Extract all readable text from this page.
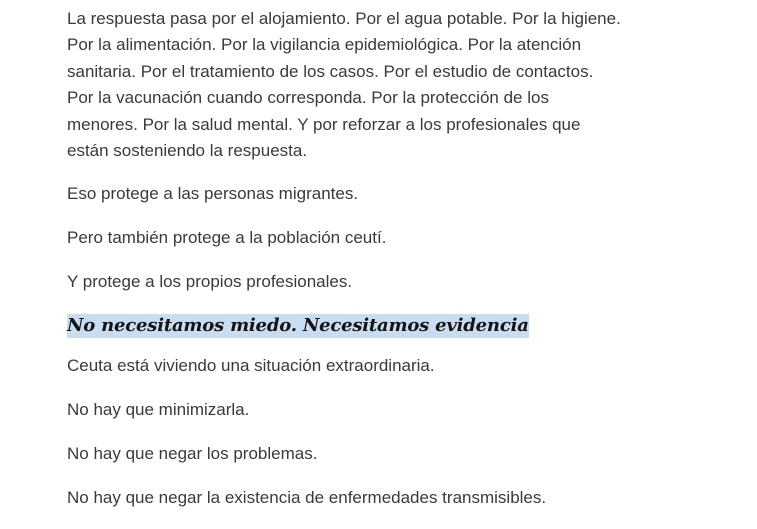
La respuesta pasa por el alojamiento. Por el agua potable. Por la higiene. Por la alimentación. Por la vigilancia epidemiológica. Por la atención sanitaria. Por el tratamiento de los casos. Por el estudio de contactos. Por la vacunación cuando corresponda. Por la protección de los menores. Por la salud mental. Y por reforzar a los profesionales que están sosteniendo la respuesta.

Eso protege a las personas migrantes.

Pero también protege a la población ceutí.

Y protege a los propios profesionales.

No necesitamos miedo. Necesitamos evidencia

Ceuta está viviendo una situación extraordinaria.

No hay que minimizarla.

No hay que negar los problemas.

No hay que negar la existencia de enfermedades transmisibles.
